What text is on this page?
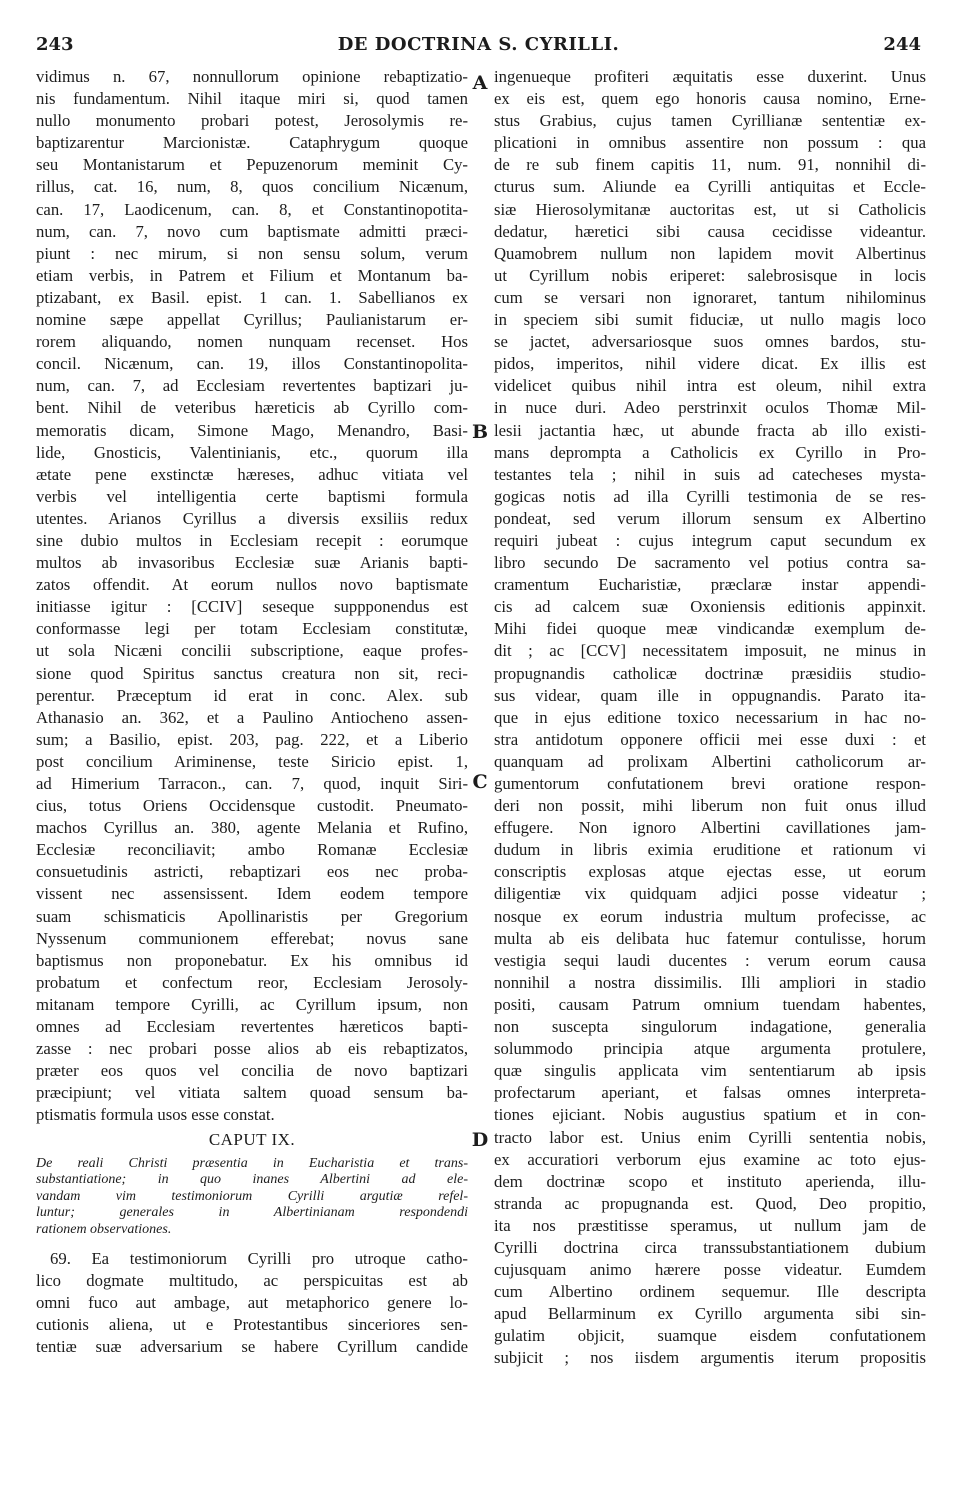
243	DE DOCTRINA S. CYRILLI.	244
vidimus n. 67, nonnullorum opinione rebaptizatio-
nis fundamentum. Nihil itaque miri si, quod tamen
nullo monumento probari potest, Jerosolymis re-
baptizarentur Marcionistæ. Cataphrygum quoque
seu Montanistarum et Pepuzenorum meminit Cy-
rillus, cat. 16, num, 8, quos concilium Nicænum,
can. 17, Laodicenum, can. 8, et Constantinopotita-
num, can. 7, novo cum baptismate admitti præci-
piunt : nec mirum, si non sensu solum, verum
etiam verbis, in Patrem et Filium et Montanum ba-
ptizabant, ex Basil. epist. 1 can. 1. Sabellianos ex
nomine sæpe appellat Cyrillus; Paulianistarum er-
rorem aliquando, nomen nunquam recenset. Hos
concil. Nicænum, can. 19, illos Constantinopolita-
num, can. 7, ad Ecclesiam revertentes baptizari ju-
bent. Nihil de veteribus hæreticis ab Cyrillo com-
memoratis dicam, Simone Mago, Menandro, Basi-
lide, Gnosticis, Valentinianis, etc., quorum illa
ætate pene exstinctæ hæreses, adhuc vitiata vel
verbis vel intelligentia certe baptismi formula
utentes. Arianos Cyrillus a diversis exsiliis redux
sine dubio multos in Ecclesiam recepit : eorumque
multos ab invasoribus Ecclesiæ suæ Arianis bapti-
zatos offendit. At eorum nullos novo baptismate
initiasse igitur : [CCIV] seseque suppponendus est
conformasse legi per totam Ecclesiam constitutæ,
ut sola Nicæni concilii subscriptione, eaque profes-
sione quod Spiritus sanctus creatura non sit, reci-
perentur. Præceptum id erat in conc. Alex. sub
Athanasio an. 362, et a Paulino Antiocheno assen-
sum; a Basilio, epist. 203, pag. 222, et a Liberio
post concilium Ariminense, teste Siricio epist. 1,
ad Himerium Tarracon., can. 7, quod, inquit Siri-
cius, totus Oriens Occidensque custodit. Pneumato-
machos Cyrillus an. 380, agente Melania et Rufino,
Ecclesiæ reconciliavit; ambo Romanæ Ecclesiæ
consuetudinis astricti, rebaptizari eos nec proba-
vissent nec assensissent. Idem eodem tempore
suam schismaticis Apollinaristis per Gregorium
Nyssenum communionem efferebat; novus sane
baptismus non proponebatur. Ex his omnibus id
probatum et confectum reor, Ecclesiam Jerosoly-
mitanam tempore Cyrilli, ac Cyrillum ipsum, non
omnes ad Ecclesiam revertentes hæreticos bapti-
zasse : nec probari posse alios ab eis rebaptizatos,
præter eos quos vel concilia de novo baptizari
præcipiunt; vel vitiata saltem quoad sensum ba-
ptismatis formula usos esse constat.
CAPUT IX.
De reali Christi præsentia in Eucharistia et trans-
substantiatione; in quo inanes Albertini ad ele-
vandam vim testimoniorum Cyrilli argutiæ refel-
luntur; generales in Albertinianam respondendi
rationem observationes.
69. Ea testimoniorum Cyrilli pro utroque catho-
lico dogmate multitudo, ac perspicuitas est ab
omni fuco aut ambage, aut metaphorico genere lo-
cutionis aliena, ut e Protestantibus sinceriores sen-
tentiæ suæ adversarium se habere Cyrillum candide
A
B
C
D
ingenueque profiteri æquitatis esse duxerint. Unus
ex eis est, quem ego honoris causa nomino, Erne-
stus Grabius, cujus tamen Cyrillianæ sententiæ ex-
plicationi in omnibus assentire non possum : qua
de re sub finem capitis 11, num. 91, nonnihil di-
cturus sum. Aliunde ea Cyrilli antiquitas et Eccle-
siæ Hierosolymitanæ auctoritas est, ut si Catholicis
dedatur, hæretici sibi causa cecidisse videantur.
Quamobrem nullum non lapidem movit Albertinus
ut Cyrillum nobis eriperet: salebrosisque in locis
cum se versari non ignoraret, tantum nihilominus
in speciem sibi sumit fiduciæ, ut nullo magis loco
se jactet, adversariosque suos omnes bardos, stu-
pidos, imperitos, nihil videre dicat. Ex illis est
videlicet quibus nihil intra est oleum, nihil extra
in nuce duri. Adeo perstrinxit oculos Thomæ Mil-
lesii jactantia hæc, ut abunde fracta ab illo existi-
mans deprompta a Catholicis ex Cyrillo in Pro-
testantes tela ; nihil in suis ad catecheses mysta-
gogicas notis ad illa Cyrilli testimonia de se res-
pondeat, sed verum illorum sensum ex Albertino
requiri jubeat : cujus integrum caput secundum ex
libro secundo De sacramento vel potius contra sa-
cramentum Eucharistiæ, præclaræ instar appendi-
cis ad calcem suæ Oxoniensis editionis appinxit.
Mihi fidei quoque meæ vindicandæ exemplum de-
dit ; ac [CCV] necessitatem imposuit, ne minus in
propugnandis catholicæ doctrinæ præsidiis studio-
sus videar, quam ille in oppugnandis. Parato ita-
que in ejus editione toxico necessarium in hac no-
stra antidotum opponere officii mei esse duxi : et
quanquam ad prolixam Albertini catholicorum ar-
gumentorum confutationem brevi oratione respon-
deri non possit, mihi liberum non fuit onus illud
effugere. Non ignoro Albertini cavillationes jam-
dudum in libris eximia eruditione et rationum vi
conscriptis explosas atque ejectas esse, ut eorum
diligentiæ vix quidquam adjici posse videatur ;
nosque ex eorum industria multum profecisse, ac
multa ab eis delibata huc fatemur contulisse, horum
vestigia sequi laudi ducentes : verum eorum causa
nonnihil a nostra dissimilis. Illi ampliori in stadio
positi, causam Patrum omnium tuendam habentes,
non suscepta singulorum indagatione, generalia
solummodo principia atque argumenta protulere,
quæ singulis applicata vim sententiarum ab ipsis
profectarum aperiant, et falsas omnes interpreta-
tiones ejiciant. Nobis augustius spatium et in con-
tracto labor est. Unius enim Cyrilli sententia nobis,
ex accuratiori verborum ejus examine ac toto ejus-
dem doctrinæ scopo et instituto aperienda, illu-
stranda ac propugnanda est. Quod, Deo propitio,
ita nos præstitisse speramus, ut nullum jam de
Cyrilli doctrina circa transsubstantiationem dubium
cujusquam animo hærere posse videatur. Eumdem
cum Albertino ordinem sequemur. Ille descripta
apud Bellarminum ex Cyrillo argumenta sibi sin-
gulatim objicit, suamque eisdem confutationem
subjicit ; nos iisdem argumentis iterum propositis
